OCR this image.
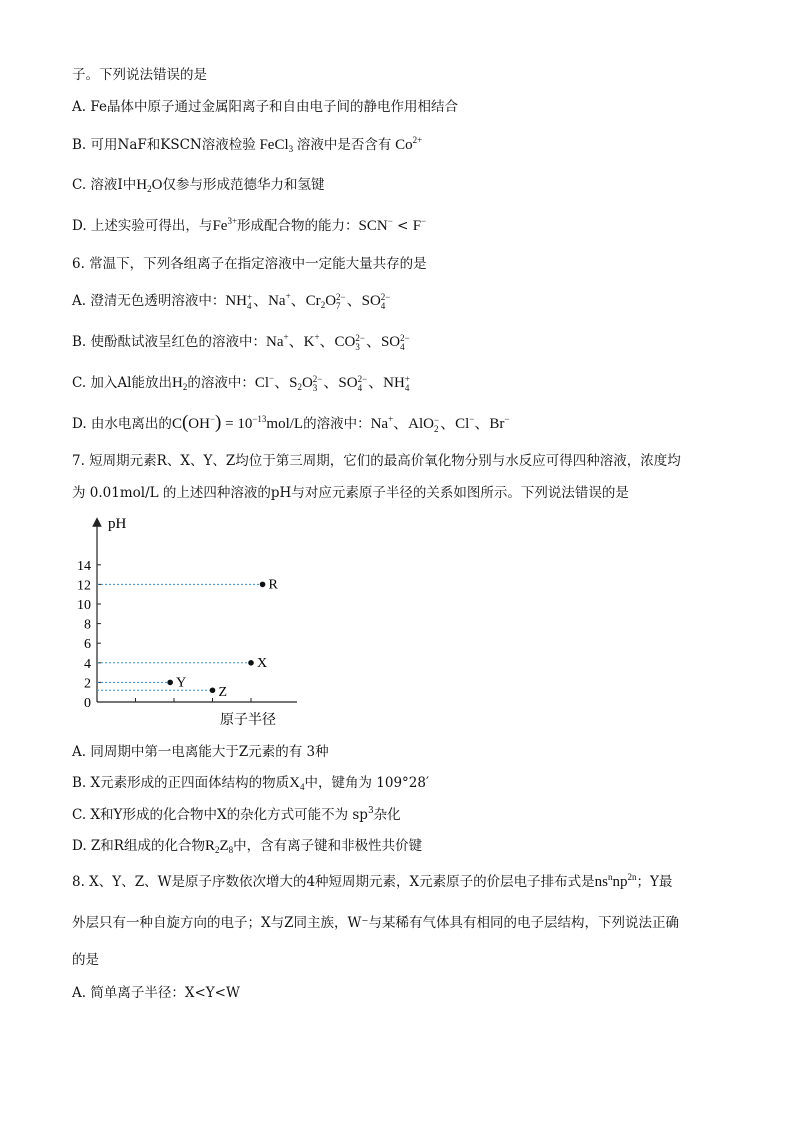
子。下列说法错误的是
A. Fe晶体中原子通过金属阳离子和自由电子间的静电作用相结合
B. 可用NaF和KSCN溶液检验 FeCl$_3$ 溶液中是否含有 $Co^{2+}$
C. 溶液Ⅰ中$H_2O$仅参与形成范德华力和氢键
D. 上述实验可得出，与$Fe^{3+}$形成配合物的能力：SCN− < F−
6. 常温下，下列各组离子在指定溶液中一定能大量共存的是
A. 澄清无色透明溶液中：NH +
4 、Na+、$Cr_2O$ 2−
7 、SO 2−
4
B. 使酚酞试液呈红色的溶液中：Na+、K+、CO 2−
3 、SO 2−
4
C. 加入Al能放出$H_2$的溶液中：Cl−、$S_2O$ 2−
3 、SO 2−
4 、NH +
4
D. 由水电离出的$C(OH^-) = 10^{-13}mol/L$的溶液中：Na+、AlO −
2 、Cl−、Br−
7. 短周期元素R、X、Y、Z均位于第三周期，它们的最高价氧化物分别与水反应可得四种溶液，浓度均
为 0.01mol/L 的上述四种溶液的pH与对应元素原子半径的关系如图所示。下列说法错误的是
0
2
4
6
8
10
12
14
R
X
Y
Z
pH
原子半径
A. 同周期中第一电离能大于Z元素的有 3种
B. X元素形成的正四面体结构的物质$X_4$中，键角为 109°28′
C. X和Y形成的化合物中X的杂化方式可能不为 $sp^3$杂化
D. Z和R组成的化合物$R_2Z_8$中，含有离子键和非极性共价键
8. X、Y、Z、W是原子序数依次增大的4种短周期元素，X元素原子的价层电子排布式是$ns^nnp^{2n}$；Y最
外层只有一种自旋方向的电子；X与Z同主族，W⁻与某稀有气体具有相同的电子层结构，下列说法正确
的是
A. 简单离子半径：X<Y<W
